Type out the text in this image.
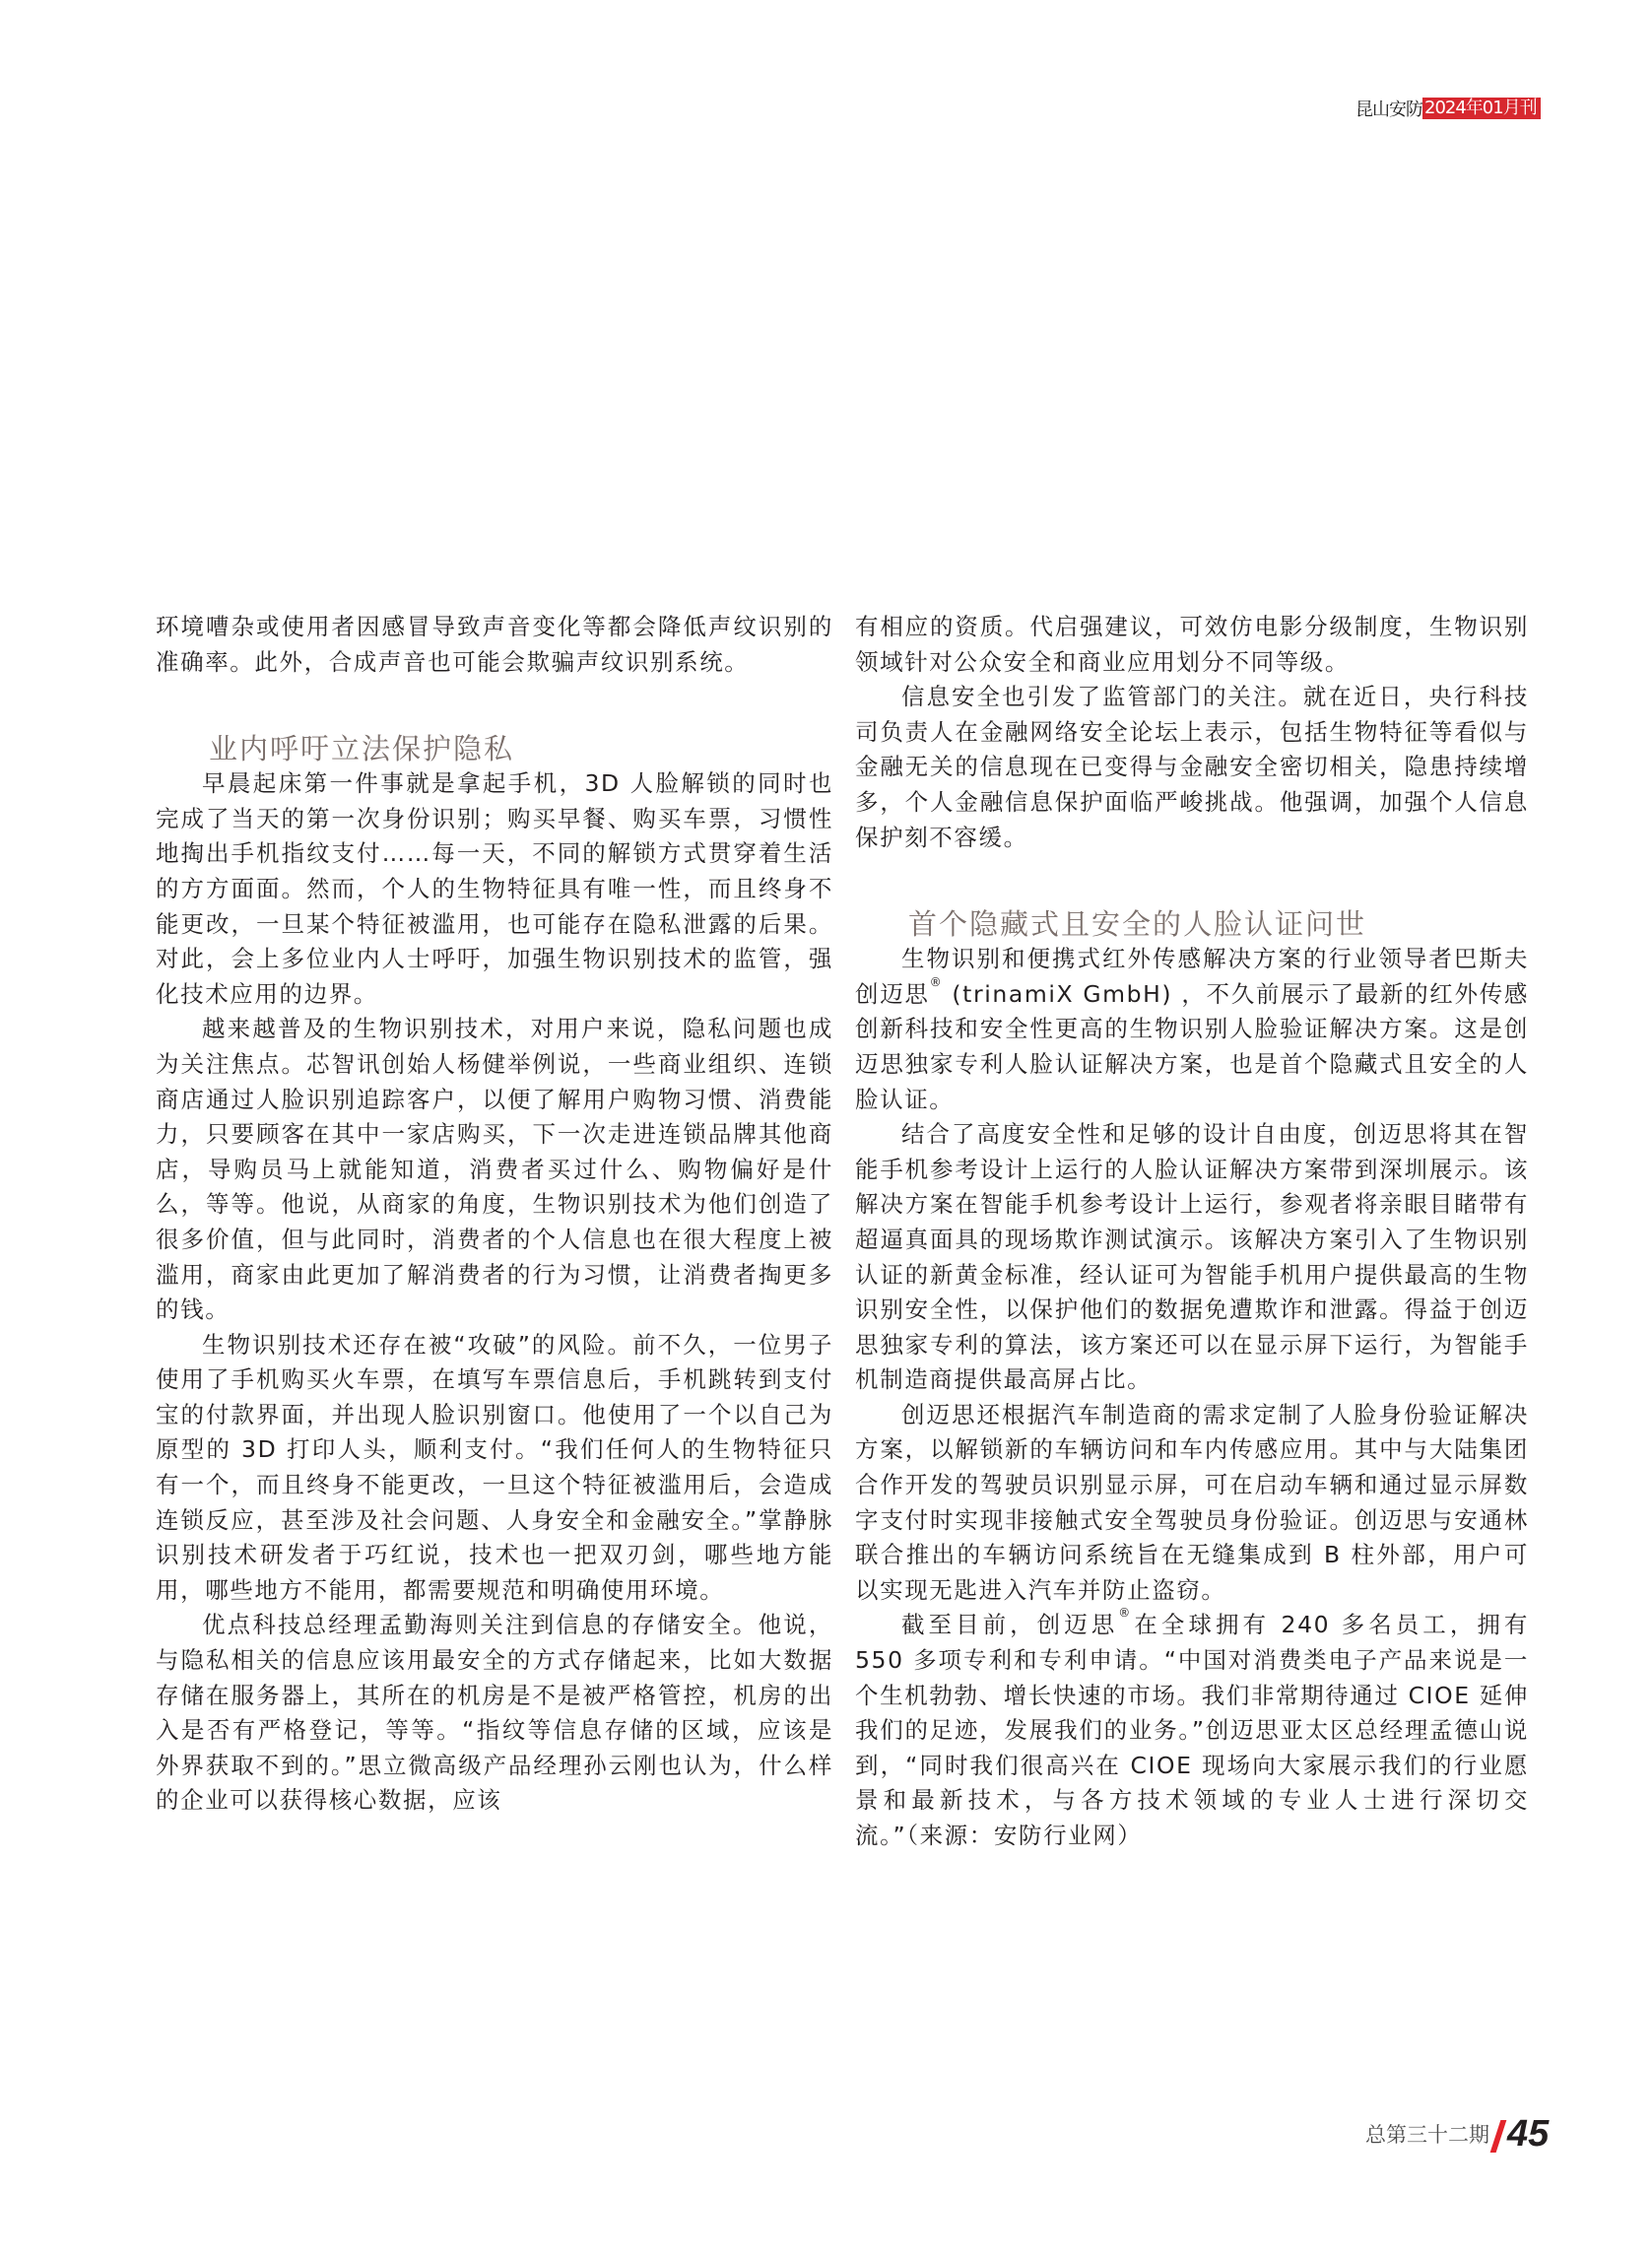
昆山安防 2024年01月刊

环境嘈杂或使用者因感冒导致声音变化等都会降低声纹识别的准确率。此外，合成声音也可能会欺骗声纹识别系统。

业内呼吁立法保护隐私

早晨起床第一件事就是拿起手机，3D 人脸解锁的同时也完成了当天的第一次身份识别；购买早餐、购买车票，习惯性地掏出手机指纹支付……每一天，不同的解锁方式贯穿着生活的方方面面。然而，个人的生物特征具有唯一性，而且终身不能更改，一旦某个特征被滥用，也可能存在隐私泄露的后果。对此，会上多位业内人士呼吁，加强生物识别技术的监管，强化技术应用的边界。

越来越普及的生物识别技术，对用户来说，隐私问题也成为关注焦点。芯智讯创始人杨健举例说，一些商业组织、连锁商店通过人脸识别追踪客户，以便了解用户购物习惯、消费能力，只要顾客在其中一家店购买，下一次走进连锁品牌其他商店，导购员马上就能知道，消费者买过什么、购物偏好是什么，等等。他说，从商家的角度，生物识别技术为他们创造了很多价值，但与此同时，消费者的个人信息也在很大程度上被滥用，商家由此更加了解消费者的行为习惯，让消费者掏更多的钱。

生物识别技术还存在被“攻破”的风险。前不久，一位男子使用了手机购买火车票，在填写车票信息后，手机跳转到支付宝的付款界面，并出现人脸识别窗口。他使用了一个以自己为原型的 3D 打印人头，顺利支付。“我们任何人的生物特征只有一个，而且终身不能更改，一旦这个特征被滥用后，会造成连锁反应，甚至涉及社会问题、人身安全和金融安全。”掌静脉识别技术研发者于巧红说，技术也一把双刃剑，哪些地方能用，哪些地方不能用，都需要规范和明确使用环境。

优点科技总经理孟勤海则关注到信息的存储安全。他说，与隐私相关的信息应该用最安全的方式存储起来，比如大数据存储在服务器上，其所在的机房是不是被严格管控，机房的出入是否有严格登记，等等。“指纹等信息存储的区域，应该是外界获取不到的。”思立微高级产品经理孙云刚也认为，什么样的企业可以获得核心数据，应该

有相应的资质。代启强建议，可效仿电影分级制度，生物识别领域针对公众安全和商业应用划分不同等级。

信息安全也引发了监管部门的关注。就在近日，央行科技司负责人在金融网络安全论坛上表示，包括生物特征等看似与金融无关的信息现在已变得与金融安全密切相关，隐患持续增多，个人金融信息保护面临严峻挑战。他强调，加强个人信息保护刻不容缓。

首个隐藏式且安全的人脸认证问世

生物识别和便携式红外传感解决方案的行业领导者巴斯夫创迈思® (trinamiX GmbH) ，不久前展示了最新的红外传感创新科技和安全性更高的生物识别人脸验证解决方案。这是创迈思独家专利人脸认证解决方案，也是首个隐藏式且安全的人脸认证。

结合了高度安全性和足够的设计自由度，创迈思将其在智能手机参考设计上运行的人脸认证解决方案带到深圳展示。该解决方案在智能手机参考设计上运行，参观者将亲眼目睹带有超逼真面具的现场欺诈测试演示。该解决方案引入了生物识别认证的新黄金标准，经认证可为智能手机用户提供最高的生物识别安全性，以保护他们的数据免遭欺诈和泄露。得益于创迈思独家专利的算法，该方案还可以在显示屏下运行，为智能手机制造商提供最高屏占比。

创迈思还根据汽车制造商的需求定制了人脸身份验证解决方案，以解锁新的车辆访问和车内传感应用。其中与大陆集团合作开发的驾驶员识别显示屏，可在启动车辆和通过显示屏数字支付时实现非接触式安全驾驶员身份验证。创迈思与安通林联合推出的车辆访问系统旨在无缝集成到 B 柱外部，用户可以实现无匙进入汽车并防止盗窃。

截至目前，创迈思®在全球拥有 240 多名员工，拥有 550 多项专利和专利申请。“中国对消费类电子产品来说是一个生机勃勃、增长快速的市场。我们非常期待通过 CIOE 延伸我们的足迹，发展我们的业务。”创迈思亚太区总经理孟德山说到，“同时我们很高兴在 CIOE 现场向大家展示我们的行业愿景和最新技术，与各方技术领域的专业人士进行深切交流。”（来源：安防行业网）

总第三十二期 45
